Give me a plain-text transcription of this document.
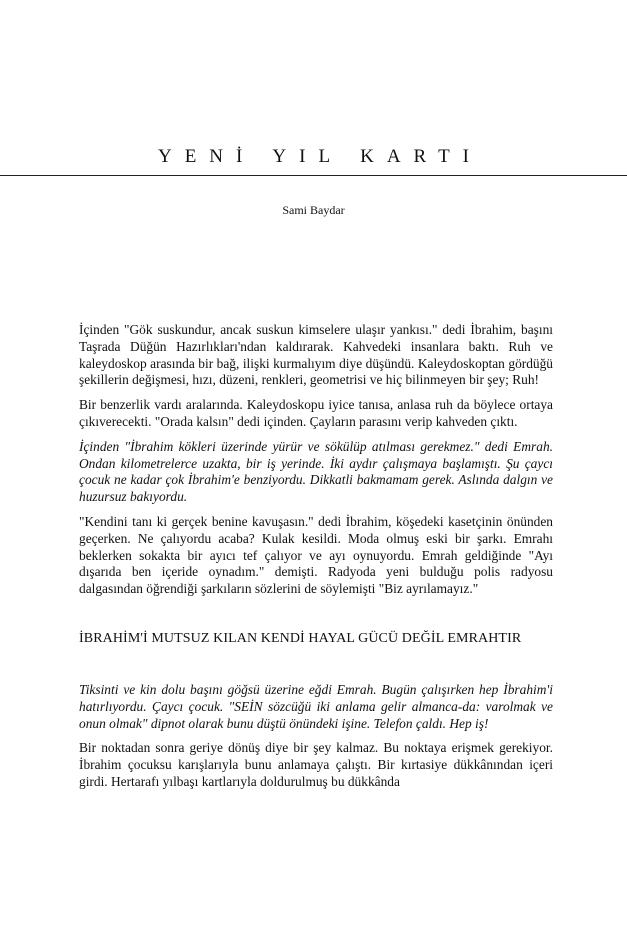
YENİ YIL KARTI
Sami Baydar

İçinden "Gök suskundur, ancak suskun kimselere ulaşır yankısı." dedi İbrahim, başını Taşrada Düğün Hazırlıkları'ndan kaldırarak. Kahvedeki insanlara baktı. Ruh ve kaleydoskop arasında bir bağ, ilişki kurmalıyım diye düşündü. Kaleydoskoptan gördüğü şekillerin değişmesi, hızı, düzeni, renkleri, geometrisi ve hiç bilinmeyen bir şey; Ruh!

Bir benzerlik vardı aralarında. Kaleydoskopu iyice tanısa, anlasa ruh da böylece ortaya çıkıverecekti. "Orada kalsın" dedi içinden. Çayların parasını verip kahveden çıktı.

İçinden "İbrahim kökleri üzerinde yürür ve sökülüp atılması gerekmez." dedi Emrah. Ondan kilometrelerce uzakta, bir iş yerinde. İki aydır çalışmaya başlamıştı. Şu çaycı çocuk ne kadar çok İbrahim'e benziyordu. Dikkatli bakmamam gerek. Aslında dalgın ve huzursuz bakıyordu.

"Kendini tanı ki gerçek benine kavuşasın." dedi İbrahim, köşedeki kasetçinin önünden geçerken. Ne çalıyordu acaba? Kulak kesildi. Moda olmuş eski bir şarkı. Emrahı beklerken sokakta bir ayıcı tef çalıyor ve ayı oynuyordu. Emrah geldiğinde "Ayı dışarıda ben içeride oynadım." demişti. Radyoda yeni bulduğu polis radyosu dalgasından öğrendiği şarkıların sözlerini de söylemişti "Biz ayrılamayız."

İBRAHİM'İ MUTSUZ KILAN KENDİ HAYAL GÜCÜ DEĞİL EMRAHTIR

Tiksinti ve kin dolu başını göğsü üzerine eğdi Emrah. Bugün çalışırken hep İbrahim'i hatırlıyordu. Çaycı çocuk. "SEİN sözcüğü iki anlama gelir almanca-da: varolmak ve onun olmak" dipnot olarak bunu düştü önündeki işine. Telefon çaldı. Hep iş!

Bir noktadan sonra geriye dönüş diye bir şey kalmaz. Bu noktaya erişmek gerekiyor. İbrahim çocuksu karışlarıyla bunu anlamaya çalıştı. Bir kırtasiye dükkânından içeri girdi. Hertarafı yılbaşı kartlarıyla doldurulmuş bu dükkânda
